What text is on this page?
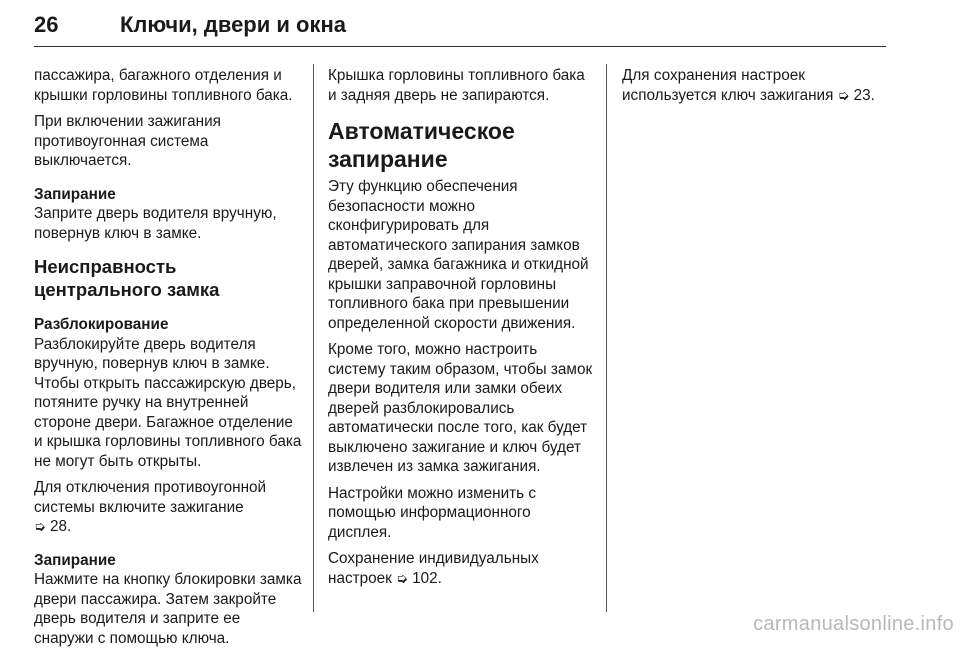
26	Ключи, двери и окна

пассажира, багажного отделения и крышки горловины топливного бака.

При включении зажигания противоугонная система выключается.

Запирание

Заприте дверь водителя вручную, повернув ключ в замке.

Неисправность центрального замка
Разблокирование

Разблокируйте дверь водителя вручную, повернув ключ в замке. Чтобы открыть пассажирскую дверь, потяните ручку на внутренней стороне двери. Багажное отделение и крышка горловины топливного бака не могут быть открыты.

Для отключения противоугонной системы включите зажигание
➭ 28.

Запирание

Нажмите на кнопку блокировки замка двери пассажира. Затем закройте дверь водителя и заприте ее снаружи с помощью ключа.

Крышка горловины топливного бака и задняя дверь не запираются.

Автоматическое запирание

Эту функцию обеспечения безопасности можно сконфигурировать для автоматического запирания замков дверей, замка багажника и откидной крышки заправочной горловины топливного бака при превышении определенной скорости движения.

Кроме того, можно настроить систему таким образом, чтобы замок двери водителя или замки обеих дверей разблокировались автоматически после того, как будет выключено зажигание и ключ будет извлечен из замка зажигания.

Настройки можно изменить с помощью информационного дисплея.

Сохранение индивидуальных настроек ➭ 102.

Для сохранения настроек используется ключ зажигания ➭ 23.

carmanualsonline.info
